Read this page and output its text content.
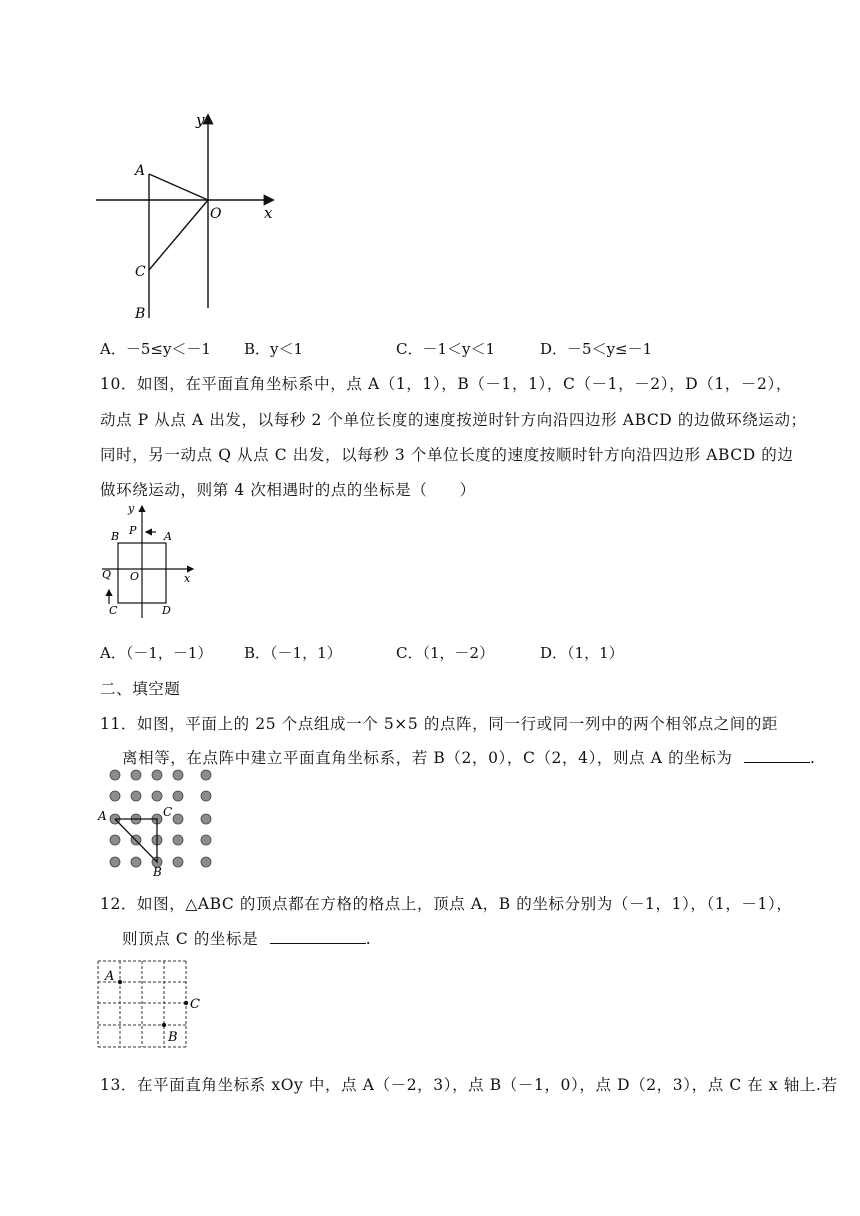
y
x
O
A
C
B
A．－5≤y＜－1 B．y＜1	C．－1＜y＜1	D．－5＜y≤－1
10．如图，在平面直角坐标系中，点 A（1，1），B（－1，1），C（－1，－2），D（1，－2），
动点 P 从点 A 出发，以每秒 2 个单位长度的速度按逆时针方向沿四边形 ABCD 的边做环绕运动；
同时，另一动点 Q 从点 C 出发，以每秒 3 个单位长度的速度按顺时针方向沿四边形 ABCD 的边
做环绕运动，则第 4 次相遇时的点的坐标是（　　）
y
x
P	A
B
O
Q
C	D
A．（－1，－1） B．（－1，1）	C．（1，－2）	D．（1，1）
二、填空题
11．如图，平面上的 25 个点组成一个 5×5 的点阵，同一行或同一列中的两个相邻点之间的距
离相等，在点阵中建立平面直角坐标系，若 B（2，0），C（2，4），则点 A 的坐标为	.
A	C
B
12．如图，△ABC 的顶点都在方格的格点上，顶点 A，B 的坐标分别为（－1，1），（1，－1），
则顶点 C 的坐标是	.
A
C
B
13．在平面直角坐标系 xOy 中，点 A（－2，3），点 B（－1，0），点 D（2，3），点 C 在 x 轴上.若
